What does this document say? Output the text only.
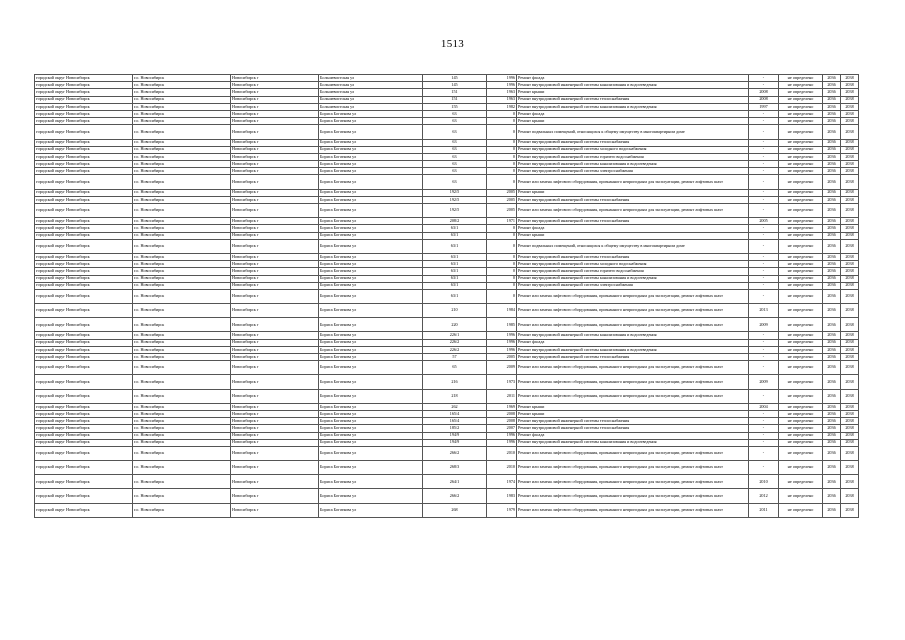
1513
городской округ Новосибирск	г.о. Новосибирск	Новосибирск г	Большевистская ул	145	1996	Ремонт фасада	-	не определено	2036	2038
городской округ Новосибирск	г.о. Новосибирск	Новосибирск г	Большевистская ул	145	1996	Ремонт внутридомовой инженерной системы канализования и водоотведения	-	не определено	2036	2038
городской округ Новосибирск	г.о. Новосибирск	Новосибирск г	Большевистская ул	151	1963	Ремонт крыши	2008	не определено	2036	2038
городской округ Новосибирск	г.о. Новосибирск	Новосибирск г	Большевистская ул	151	1963	Ремонт внутридомовой инженерной системы теплоснабжения	2008	не определено	2036	2038
городской округ Новосибирск	г.о. Новосибирск	Новосибирск г	Большевистская ул	155	1982	Ремонт внутридомовой инженерной системы канализования и водоотведения	1997	не определено	2036	2038
городской округ Новосибирск	г.о. Новосибирск	Новосибирск г	Бориса Богаткова ул	63	0	Ремонт фасада	-	не определено	2036	2038
городской округ Новосибирск	г.о. Новосибирск	Новосибирск г	Бориса Богаткова ул	63	0	Ремонт крыши	-	не определено	2036	2038
городской округ Новосибирск	г.о. Новосибирск	Новосибирск г	Бориса Богаткова ул	63	0	Ремонт подвальных помещений, относящихся к общему имуществу в многоквартирном доме	-	не определено	2036	2038
городской округ Новосибирск	г.о. Новосибирск	Новосибирск г	Бориса Богаткова ул	63	0	Ремонт внутридомовой инженерной системы теплоснабжения	-	не определено	2036	2038
городской округ Новосибирск	г.о. Новосибирск	Новосибирск г	Бориса Богаткова ул	63	0	Ремонт внутридомовой инженерной системы холодного водоснабжения	-	не определено	2036	2038
городской округ Новосибирск	г.о. Новосибирск	Новосибирск г	Бориса Богаткова ул	63	0	Ремонт внутридомовой инженерной системы горячего водоснабжения	-	не определено	2036	2038
городской округ Новосибирск	г.о. Новосибирск	Новосибирск г	Бориса Богаткова ул	63	0	Ремонт внутридомовой инженерной системы канализования и водоотведения	-	не определено	2036	2038
городской округ Новосибирск	г.о. Новосибирск	Новосибирск г	Бориса Богаткова ул	63	0	Ремонт внутридомовой инженерной системы электроснабжения	-	не определено	2036	2038
городской округ Новосибирск	г.о. Новосибирск	Новосибирск г	Бориса Богаткова ул	63	0	Ремонт или замена лифтового оборудования, признанного непригодным для эксплуатации, ремонт лифтовых шахт	-	не определено	2036	2038
городской округ Новосибирск	г.о. Новосибирск	Новосибирск г	Бориса Богаткова ул	192/5	2005	Ремонт крыши	-	не определено	2036	2038
городской округ Новосибирск	г.о. Новосибирск	Новосибирск г	Бориса Богаткова ул	192/5	2005	Ремонт внутридомовой инженерной системы теплоснабжения	-	не определено	2036	2038
городской округ Новосибирск	г.о. Новосибирск	Новосибирск г	Бориса Богаткова ул	192/5	2005	Ремонт или замена лифтового оборудования, признанного непригодным для эксплуатации, ремонт лифтовых шахт	-	не определено	2036	2038
городской округ Новосибирск	г.о. Новосибирск	Новосибирск г	Бориса Богаткова ул	208/2	1971	Ремонт внутридомовой инженерной системы теплоснабжения	2005	не определено	2036	2038
городской округ Новосибирск	г.о. Новосибирск	Новосибирск г	Бориса Богаткова ул	63/1	0	Ремонт фасада	-	не определено	2036	2038
городской округ Новосибирск	г.о. Новосибирск	Новосибирск г	Бориса Богаткова ул	63/1	0	Ремонт крыши	-	не определено	2036	2038
городской округ Новосибирск	г.о. Новосибирск	Новосибирск г	Бориса Богаткова ул	63/1	0	Ремонт подвальных помещений, относящихся к общему имуществу в многоквартирном доме	-	не определено	2036	2038
городской округ Новосибирск	г.о. Новосибирск	Новосибирск г	Бориса Богаткова ул	63/1	0	Ремонт внутридомовой инженерной системы теплоснабжения	-	не определено	2036	2038
городской округ Новосибирск	г.о. Новосибирск	Новосибирск г	Бориса Богаткова ул	63/1	0	Ремонт внутридомовой инженерной системы холодного водоснабжения	-	не определено	2036	2038
городской округ Новосибирск	г.о. Новосибирск	Новосибирск г	Бориса Богаткова ул	63/1	0	Ремонт внутридомовой инженерной системы горячего водоснабжения	-	не определено	2036	2038
городской округ Новосибирск	г.о. Новосибирск	Новосибирск г	Бориса Богаткова ул	63/1	0	Ремонт внутридомовой инженерной системы канализования и водоотведения	-	не определено	2036	2038
городской округ Новосибирск	г.о. Новосибирск	Новосибирск г	Бориса Богаткова ул	63/1	0	Ремонт внутридомовой инженерной системы электроснабжения	-	не определено	2036	2038
городской округ Новосибирск	г.о. Новосибирск	Новосибирск г	Бориса Богаткова ул	63/1	0	Ремонт или замена лифтового оборудования, признанного непригодным для эксплуатации, ремонт лифтовых шахт	-	не определено	2036	2038
городской округ Новосибирск	г.о. Новосибирск	Новосибирск г	Бориса Богаткова ул	210	1984	Ремонт или замена лифтового оборудования, признанного непригодным для эксплуатации, ремонт лифтовых шахт	2013	не определено	2036	2038
городской округ Новосибирск	г.о. Новосибирск	Новосибирск г	Бориса Богаткова ул	220	1985	Ремонт или замена лифтового оборудования, признанного непригодным для эксплуатации, ремонт лифтовых шахт	2009	не определено	2036	2038
городской округ Новосибирск	г.о. Новосибирск	Новосибирск г	Бориса Богаткова ул	226/1	1996	Ремонт внутридомовой инженерной системы канализования и водоотведения	-	не определено	2036	2038
городской округ Новосибирск	г.о. Новосибирск	Новосибирск г	Бориса Богаткова ул	226/2	1996	Ремонт фасада	-	не определено	2036	2038
городской округ Новосибирск	г.о. Новосибирск	Новосибирск г	Бориса Богаткова ул	226/2	1996	Ремонт внутридомовой инженерной системы канализования и водоотведения	-	не определено	2036	2038
городской округ Новосибирск	г.о. Новосибирск	Новосибирск г	Бориса Богаткова ул	57	2005	Ремонт внутридомовой инженерной системы теплоснабжения	-	не определено	2036	2038
городской округ Новосибирск	г.о. Новосибирск	Новосибирск г	Бориса Богаткова ул	65	2009	Ремонт или замена лифтового оборудования, признанного непригодным для эксплуатации, ремонт лифтовых шахт	-	не определено	2036	2038
городской округ Новосибирск	г.о. Новосибирск	Новосибирск г	Бориса Богаткова ул	216	1973	Ремонт или замена лифтового оборудования, признанного непригодным для эксплуатации, ремонт лифтовых шахт	2009	не определено	2036	2038
городской округ Новосибирск	г.о. Новосибирск	Новосибирск г	Бориса Богаткова ул	218	2011	Ремонт или замена лифтового оборудования, признанного непригодным для эксплуатации, ремонт лифтовых шахт	-	не определено	2036	2038
городской округ Новосибирск	г.о. Новосибирск	Новосибирск г	Бориса Богаткова ул	262	1969	Ремонт крыши	2004	не определено	2036	2038
городской округ Новосибирск	г.о. Новосибирск	Новосибирск г	Бориса Богаткова ул	165/4	2008	Ремонт крыши	-	не определено	2036	2038
городской округ Новосибирск	г.о. Новосибирск	Новосибирск г	Бориса Богаткова ул	165/4	2008	Ремонт внутридомовой инженерной системы теплоснабжения	-	не определено	2036	2038
городской округ Новосибирск	г.о. Новосибирск	Новосибирск г	Бориса Богаткова ул	185/2	2007	Ремонт внутридомовой инженерной системы теплоснабжения	-	не определено	2036	2038
городской округ Новосибирск	г.о. Новосибирск	Новосибирск г	Бориса Богаткова ул	194/9	1996	Ремонт фасада	-	не определено	2036	2038
городской округ Новосибирск	г.о. Новосибирск	Новосибирск г	Бориса Богаткова ул	194/9	1996	Ремонт внутридомовой инженерной системы канализования и водоотведения	-	не определено	2036	2038
городской округ Новосибирск	г.о. Новосибирск	Новосибирск г	Бориса Богаткова ул	266/2	2010	Ремонт или замена лифтового оборудования, признанного непригодным для эксплуатации, ремонт лифтовых шахт	-	не определено	2036	2038
городской округ Новосибирск	г.о. Новосибирск	Новосибирск г	Бориса Богаткова ул	268/3	2010	Ремонт или замена лифтового оборудования, признанного непригодным для эксплуатации, ремонт лифтовых шахт	-	не определено	2036	2038
городской округ Новосибирск	г.о. Новосибирск	Новосибирск г	Бориса Богаткова ул	264/1	1974	Ремонт или замена лифтового оборудования, признанного непригодным для эксплуатации, ремонт лифтовых шахт	2010	не определено	2036	2038
городской округ Новосибирск	г.о. Новосибирск	Новосибирск г	Бориса Богаткова ул	266/2	1983	Ремонт или замена лифтового оборудования, признанного непригодным для эксплуатации, ремонт лифтовых шахт	2012	не определено	2036	2038
городской округ Новосибирск	г.о. Новосибирск	Новосибирск г	Бориса Богаткова ул	268	1979	Ремонт или замена лифтового оборудования, признанного непригодным для эксплуатации, ремонт лифтовых шахт	2011	не определено	2036	2038
